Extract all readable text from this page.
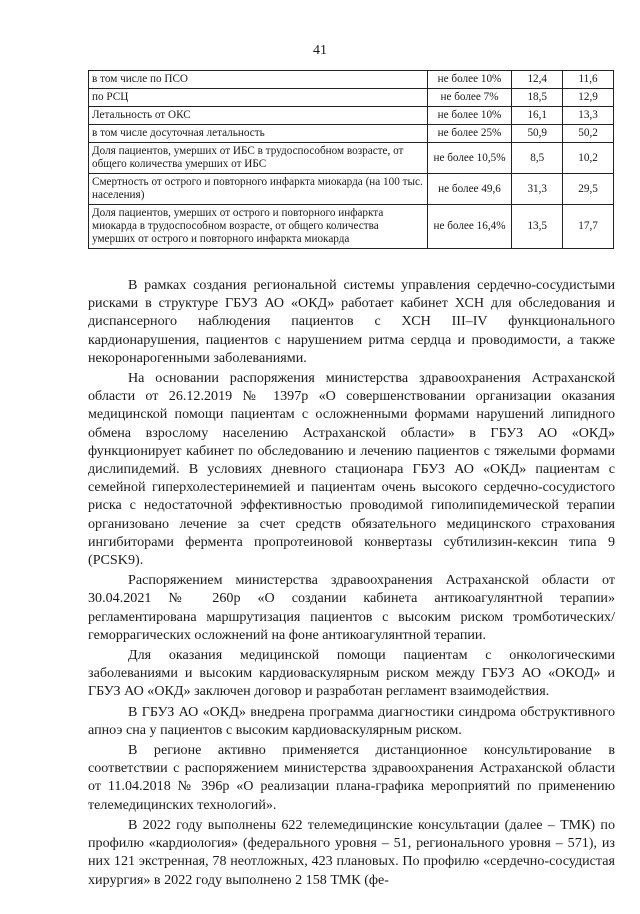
41
в том числе по ПСО	не более 10%	12,4	11,6
по РСЦ	не более 7%	18,5	12,9
Летальность от ОКС	не более 10%	16,1	13,3
в том числе досуточная летальность	не более 25%	50,9	50,2
Доля пациентов, умерших от ИБС в трудоспособном возрасте, от общего количества умерших от ИБС	не более 10,5%	8,5	10,2
Смертность от острого и повторного инфаркта миокарда (на 100 тыс. населения)	не более 49,6	31,3	29,5
Доля пациентов, умерших от острого и повторного инфаркта миокарда в трудоспособном возрасте, от общего количества умерших от острого и повторного инфаркта миокарда	не более 16,4%	13,5	17,7

В рамках создания региональной системы управления сердечно-сосудистыми рисками в структуре ГБУЗ АО «ОКД» работает кабинет ХСН для обследования и диспансерного наблюдения пациентов с ХСН III–IV функционального кардионарушения, пациентов с нарушением ритма сердца и проводимости, а также некоронарогенными заболеваниями.

На основании распоряжения министерства здравоохранения Астраханской области от 26.12.2019 № 1397р «О совершенствовании организации оказания медицинской помощи пациентам с осложненными формами нарушений липидного обмена взрослому населению Астраханской области» в ГБУЗ АО «ОКД» функционирует кабинет по обследованию и лечению пациентов с тяжелыми формами дислипидемий. В условиях дневного стационара ГБУЗ АО «ОКД» пациентам с семейной гиперхолестеринемией и пациентам очень высокого сердечно-сосудистого риска с недостаточной эффективностью проводимой гиполипидемической терапии организовано лечение за счет средств обязательного медицинского страхования ингибиторами фермента пропротеиновой конвертазы субтилизин-кексин типа 9 (PCSK9).

Распоряжением министерства здравоохранения Астраханской области от 30.04.2021 № 260р «О создании кабинета антикоагулянтной терапии» регламентирована маршрутизация пациентов с высоким риском тромботических/геморрагических осложнений на фоне антикоагулянтной терапии.

Для оказания медицинской помощи пациентам с онкологическими заболеваниями и высоким кардиоваскулярным риском между ГБУЗ АО «ОКОД» и ГБУЗ АО «ОКД» заключен договор и разработан регламент взаимодействия.

В ГБУЗ АО «ОКД» внедрена программа диагностики синдрома обструктивного апноэ сна у пациентов с высоким кардиоваскулярным риском.

В регионе активно применяется дистанционное консультирование в соответствии с распоряжением министерства здравоохранения Астраханской области от 11.04.2018 № 396р «О реализации плана-графика мероприятий по применению телемедицинских технологий».

В 2022 году выполнены 622 телемедицинские консультации (далее – ТМК) по профилю «кардиология» (федерального уровня – 51, регионального уровня – 571), из них 121 экстренная, 78 неотложных, 423 плановых. По профилю «сердечно-сосудистая хирургия» в 2022 году выполнено 2 158 ТМК (фе-
